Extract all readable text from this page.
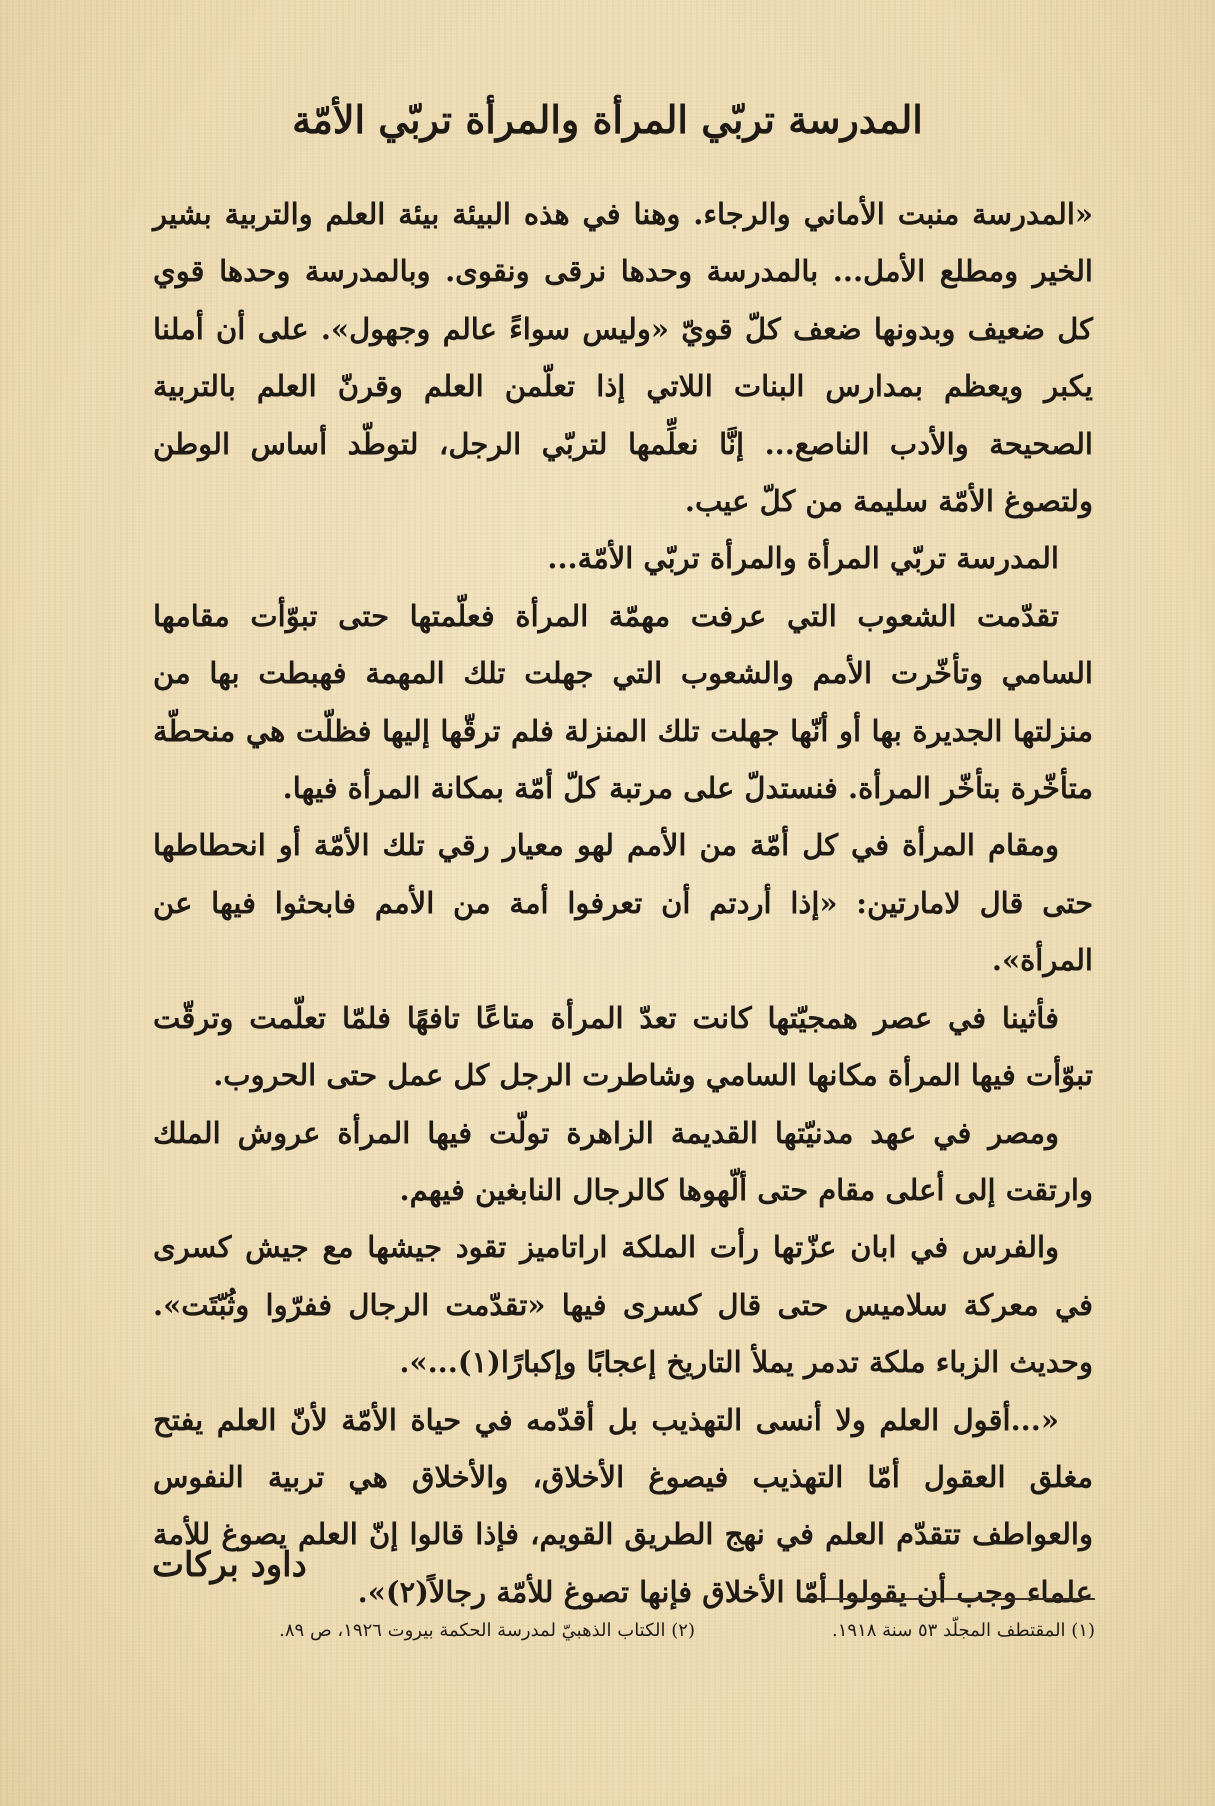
المدرسة تربّي المرأة والمرأة تربّي الأمّة

«المدرسة منبت الأماني والرجاء. وهنا في هذه البيئة بيئة العلم والتربية بشير الخير ومطلع الأمل... بالمدرسة وحدها نرقى ونقوى. وبالمدرسة وحدها قوي كل ضعيف وبدونها ضعف كلّ قويّ «وليس سواءً عالم وجهول». على أن أملنا يكبر ويعظم بمدارس البنات اللاتي إذا تعلّمن العلم وقرنّ العلم بالتربية الصحيحة والأدب الناصع... إنَّا نعلِّمها لتربّي الرجل، لتوطّد أساس الوطن ولتصوغ الأمّة سليمة من كلّ عيب.

المدرسة تربّي المرأة والمرأة تربّي الأمّة...

تقدّمت الشعوب التي عرفت مهمّة المرأة فعلّمتها حتى تبوّأت مقامها السامي وتأخّرت الأمم والشعوب التي جهلت تلك المهمة فهبطت بها من منزلتها الجديرة بها أو أنّها جهلت تلك المنزلة فلم ترقّها إليها فظلّت هي منحطّة متأخّرة بتأخّر المرأة. فنستدلّ على مرتبة كلّ أمّة بمكانة المرأة فيها.

ومقام المرأة في كل أمّة من الأمم لهو معيار رقي تلك الأمّة أو انحطاطها حتى قال لامارتين: «إذا أردتم أن تعرفوا أمة من الأمم فابحثوا فيها عن المرأة».

فأثينا في عصر همجيّتها كانت تعدّ المرأة متاعًا تافهًا فلمّا تعلّمت وترقّت تبوّأت فيها المرأة مكانها السامي وشاطرت الرجل كل عمل حتى الحروب.

ومصر في عهد مدنيّتها القديمة الزاهرة تولّت فيها المرأة عروش الملك وارتقت إلى أعلى مقام حتى ألّهوها كالرجال النابغين فيهم.

والفرس في ابان عزّتها رأت الملكة اراتاميز تقود جيشها مع جيش كسرى في معركة سلاميس حتى قال كسرى فيها «تقدّمت الرجال ففرّوا وثُبّتَت». وحديث الزباء ملكة تدمر يملأ التاريخ إعجابًا وإكبارًا(١)...».

«...أقول العلم ولا أنسى التهذيب بل أقدّمه في حياة الأمّة لأنّ العلم يفتح مغلق العقول أمّا التهذيب فيصوغ الأخلاق، والأخلاق هي تربية النفوس والعواطف تتقدّم العلم في نهج الطريق القويم، فإذا قالوا إنّ العلم يصوغ للأمة علماء وجب أن يقولوا أمّا الأخلاق فإنها تصوغ للأمّة رجالاً(٢)».

داود بركات
(١) المقتطف المجلّد ٥٣ سنة ١٩١٨.
(٢) الكتاب الذهبيّ لمدرسة الحكمة بيروت ١٩٢٦، ص ٨٩.
